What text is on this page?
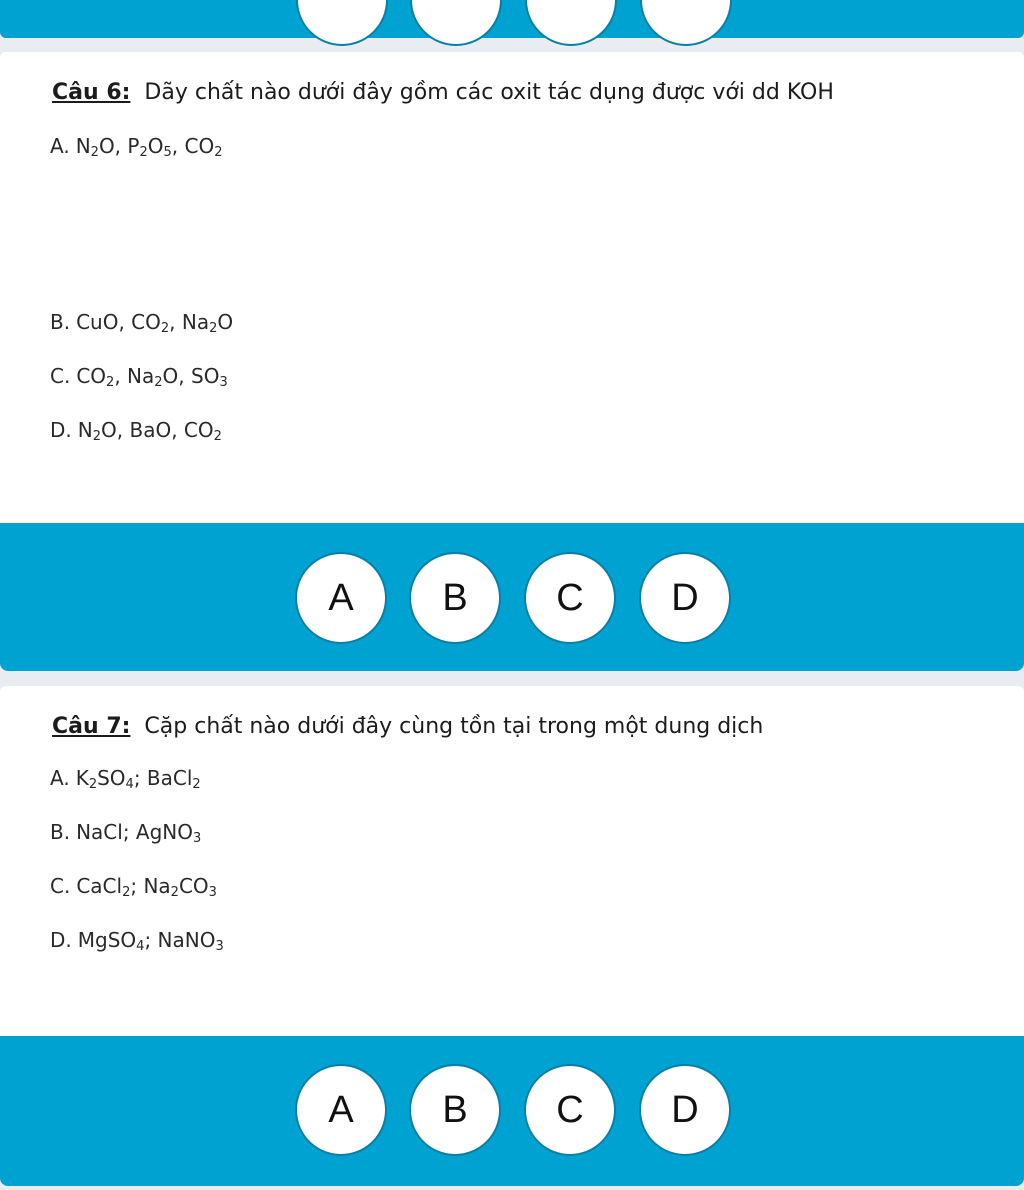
Câu 6: Dãy chất nào dưới đây gồm các oxit tác dụng được với dd KOH
A. $N_2O$, $P_2O_5$, $CO_2$
B. CuO, $CO_2$, $Na_2O$
C. $CO_2$, $Na_2O$, $SO_3$
D. $N_2O$, BaO, $CO_2$
A	B	C	D
Câu 7: Cặp chất nào dưới đây cùng tồn tại trong một dung dịch
A. $K_2SO_4$; BaCl$_2$
B. NaCl; AgNO$_3$
C. CaCl$_2$; $Na_2CO_3$
D. MgSO$_4$; NaNO$_3$
A	B	C	D
